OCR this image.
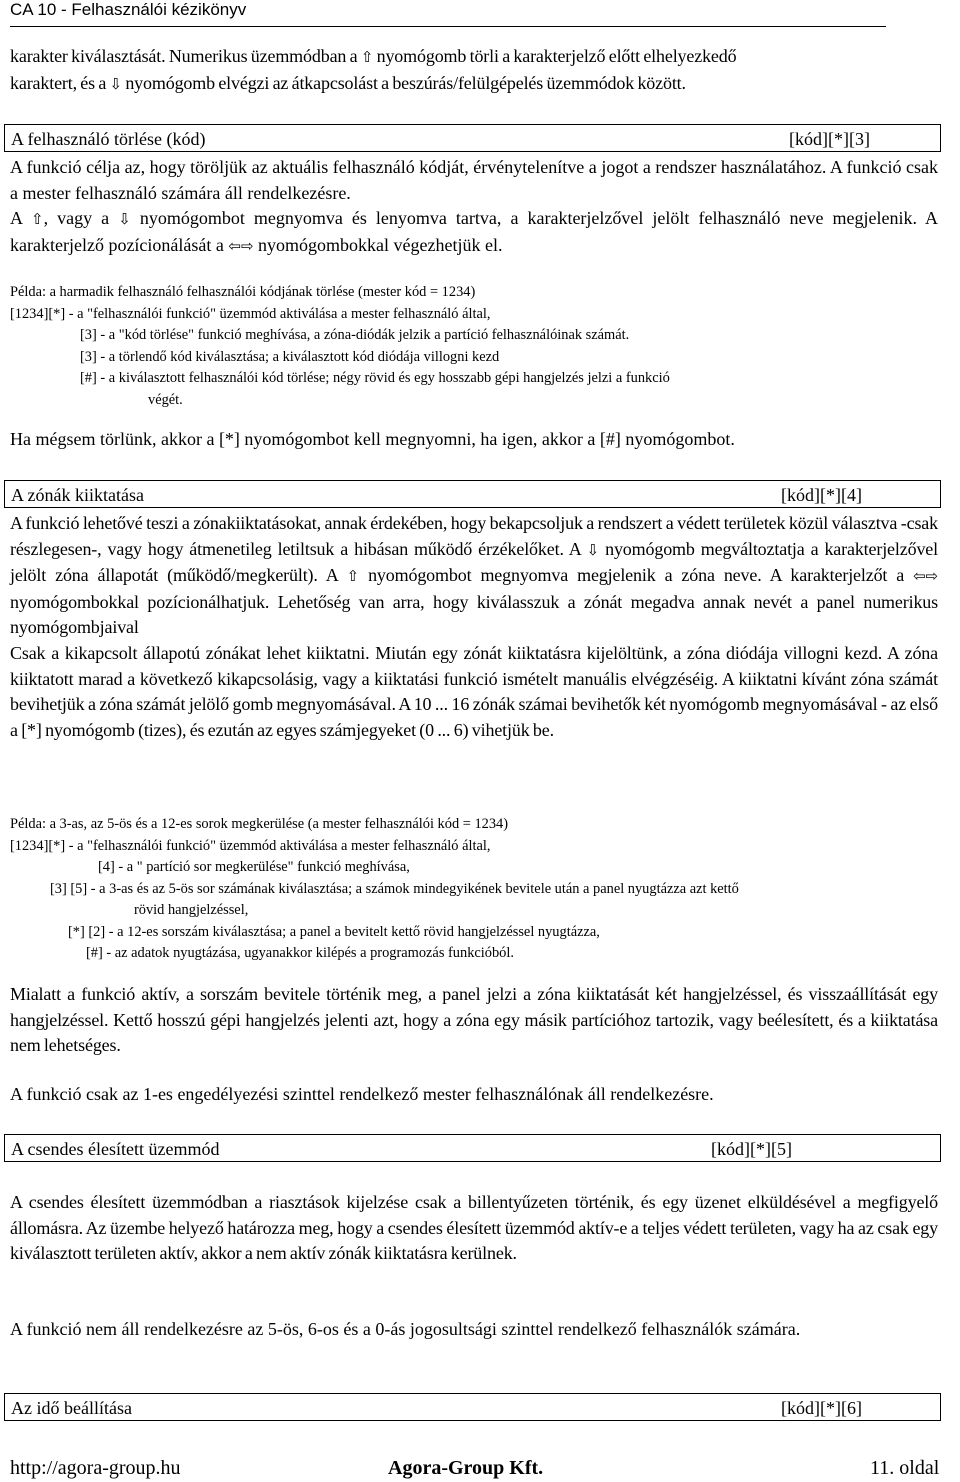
CA 10 - Felhasználói kézikönyv

karakter kiválasztását. Numerikus üzemmódban a ⇧ nyomógomb törli a karakterjelző előtt elhelyezkedő

karaktert, és a ⇩ nyomógomb elvégzi az átkapcsolást a beszúrás/felülgépelés üzemmódok között.

A felhasználó törlése (kód)	[kód][*][3]

A funkció célja az, hogy töröljük az aktuális felhasználó kódját, érvénytelenítve a jogot a rendszer használatához. A funkció csak a mester felhasználó számára áll rendelkezésre.

A ⇧, vagy a ⇩ nyomógombot megnyomva és lenyomva tartva, a karakterjelzővel jelölt felhasználó neve megjelenik. A karakterjelző pozícionálását a ⇦⇨ nyomógombokkal végezhetjük el.

Példa: a harmadik felhasználó felhasználói kódjának törlése (mester kód = 1234)

[1234][*] - a "felhasználói funkció" üzemmód aktiválása a mester felhasználó által,

[3] - a "kód törlése" funkció meghívása, a zóna-diódák jelzik a partíció felhasználóinak számát.

[3] - a törlendő kód kiválasztása; a kiválasztott kód diódája villogni kezd

[#] - a kiválasztott felhasználói kód törlése; négy rövid és egy hosszabb gépi hangjelzés jelzi a funkció

végét.

Ha mégsem törlünk, akkor a [*] nyomógombot kell megnyomni, ha igen, akkor a [#] nyomógombot.

A zónák kiiktatása	[kód][*][4]

A funkció lehetővé teszi a zónakiiktatásokat, annak érdekében, hogy bekapcsoljuk a rendszert a védett területek közül választva -csak részlegesen-, vagy hogy átmenetileg letiltsuk a hibásan működő érzékelőket. A ⇩ nyomógomb megváltoztatja a karakterjelzővel jelölt zóna állapotát (működő/megkerült). A ⇧ nyomógombot megnyomva megjelenik a zóna neve. A karakterjelzőt a ⇦⇨ nyomógombokkal pozícionálhatjuk. Lehetőség van arra, hogy kiválasszuk a zónát megadva annak nevét a panel numerikus nyomógombjaival

Csak a kikapcsolt állapotú zónákat lehet kiiktatni. Miután egy zónát kiiktatásra kijelöltünk, a zóna diódája villogni kezd. A zóna kiiktatott marad a következő kikapcsolásig, vagy a kiiktatási funkció ismételt manuális elvégzéséig. A kiiktatni kívánt zóna számát bevihetjük a zóna számát jelölő gomb megnyomásával. A 10 ... 16 zónák számai bevihetők két nyomógomb megnyomásával - az első a [*] nyomógomb (tizes), és ezután az egyes számjegyeket (0 ... 6) vihetjük be.

Példa: a 3-as, az 5-ös és a 12-es sorok megkerülése (a mester felhasználói kód = 1234)

[1234][*] - a "felhasználói funkció" üzemmód aktiválása a mester felhasználó által,

[4] - a " partíció sor megkerülése" funkció meghívása,

[3] [5] - a 3-as és az 5-ös sor számának kiválasztása; a számok mindegyikének bevitele után a panel nyugtázza azt kettő

rövid hangjelzéssel,

[*] [2] - a 12-es sorszám kiválasztása; a panel a bevitelt kettő rövid hangjelzéssel nyugtázza,

[#] - az adatok nyugtázása, ugyanakkor kilépés a programozás funkcióból.

Mialatt a funkció aktív, a sorszám bevitele történik meg, a panel jelzi a zóna kiiktatását két hangjelzéssel, és visszaállítását egy hangjelzéssel. Kettő hosszú gépi hangjelzés jelenti azt, hogy a zóna egy másik partícióhoz tartozik, vagy beélesített, és a kiiktatása nem lehetséges.

A funkció csak az 1-es engedélyezési szinttel rendelkező mester felhasználónak áll rendelkezésre.

A csendes élesített üzemmód	[kód][*][5]

A csendes élesített üzemmódban a riasztások kijelzése csak a billentyűzeten történik, és egy üzenet elküldésével a megfigyelő állomásra. Az üzembe helyező határozza meg, hogy a csendes élesített üzemmód aktív-e a teljes védett területen, vagy ha az csak egy kiválasztott területen aktív, akkor a nem aktív zónák kiiktatásra kerülnek.

A funkció nem áll rendelkezésre az 5-ös, 6-os és a 0-ás jogosultsági szinttel rendelkező felhasználók számára.

Az idő beállítása	[kód][*][6]
http://agora-group.hu	Agora-Group Kft.	11. oldal
